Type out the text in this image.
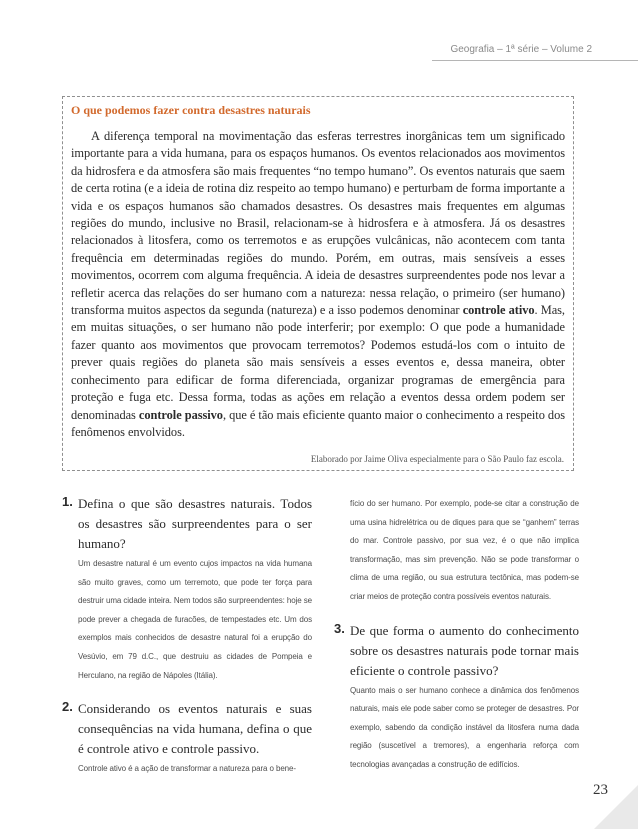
Geografia – 1ª série – Volume 2

O que podemos fazer contra desastres naturais

A diferença temporal na movimentação das esferas terrestres inorgânicas tem um significado importante para a vida humana, para os espaços humanos. Os eventos relacionados aos movimentos da hidrosfera e da atmosfera são mais frequentes “no tempo humano”. Os eventos naturais que saem de certa rotina (e a ideia de rotina diz respeito ao tempo humano) e perturbam de forma importante a vida e os espaços humanos são chamados desastres. Os desastres mais frequentes em algumas regiões do mundo, inclusive no Brasil, relacionam-se à hidrosfera e à atmosfera. Já os desastres relacionados à litosfera, como os terremotos e as erupções vulcânicas, não acontecem com tanta frequência em determinadas regiões do mundo. Porém, em outras, mais sensíveis a esses movimentos, ocorrem com alguma frequência. A ideia de desastres surpreendentes pode nos levar a refletir acerca das relações do ser humano com a natureza: nessa relação, o primeiro (ser humano) transforma muitos aspectos da segunda (natureza) e a isso podemos denominar controle ativo. Mas, em muitas situações, o ser humano não pode interferir; por exemplo: O que pode a humanidade fazer quanto aos movimentos que provocam terremotos? Podemos estudá-los com o intuito de prever quais regiões do planeta são mais sensíveis a esses eventos e, dessa maneira, obter conhecimento para edificar de forma diferenciada, organizar programas de emergência para proteção e fuga etc. Dessa forma, todas as ações em relação a eventos dessa ordem podem ser denominadas controle passivo, que é tão mais eficiente quanto maior o conhecimento a respeito dos fenômenos envolvidos.

Elaborado por Jaime Oliva especialmente para o São Paulo faz escola.
1. Defina o que são desastres naturais. Todos os desastres são surpreendentes para o ser humano?
Um desastre natural é um evento cujos impactos na vida humana são muito graves, como um terremoto, que pode ter força para destruir uma cidade inteira. Nem todos são surpreendentes: hoje se pode prever a chegada de furacões, de tempestades etc. Um dos exemplos mais conhecidos de desastre natural foi a erupção do Vesúvio, em 79 d.C., que destruiu as cidades de Pompeia e Herculano, na região de Nápoles (Itália).
2. Considerando os eventos naturais e suas consequências na vida humana, defina o que é controle ativo e controle passivo.
Controle ativo é a ação de transformar a natureza para o bene-
fício do ser humano. Por exemplo, pode-se citar a construção de uma usina hidrelétrica ou de diques para que se “ganhem” terras do mar. Controle passivo, por sua vez, é o que não implica transformação, mas sim prevenção. Não se pode transformar o clima de uma região, ou sua estrutura tectônica, mas podem-se criar meios de proteção contra possíveis eventos naturais.
3. De que forma o aumento do conhecimento sobre os desastres naturais pode tornar mais eficiente o controle passivo?
Quanto mais o ser humano conhece a dinâmica dos fenômenos naturais, mais ele pode saber como se proteger de desastres. Por exemplo, sabendo da condição instável da litosfera numa dada região (suscetível a tremores), a engenharia reforça com tecnologias avançadas a construção de edifícios.
23
